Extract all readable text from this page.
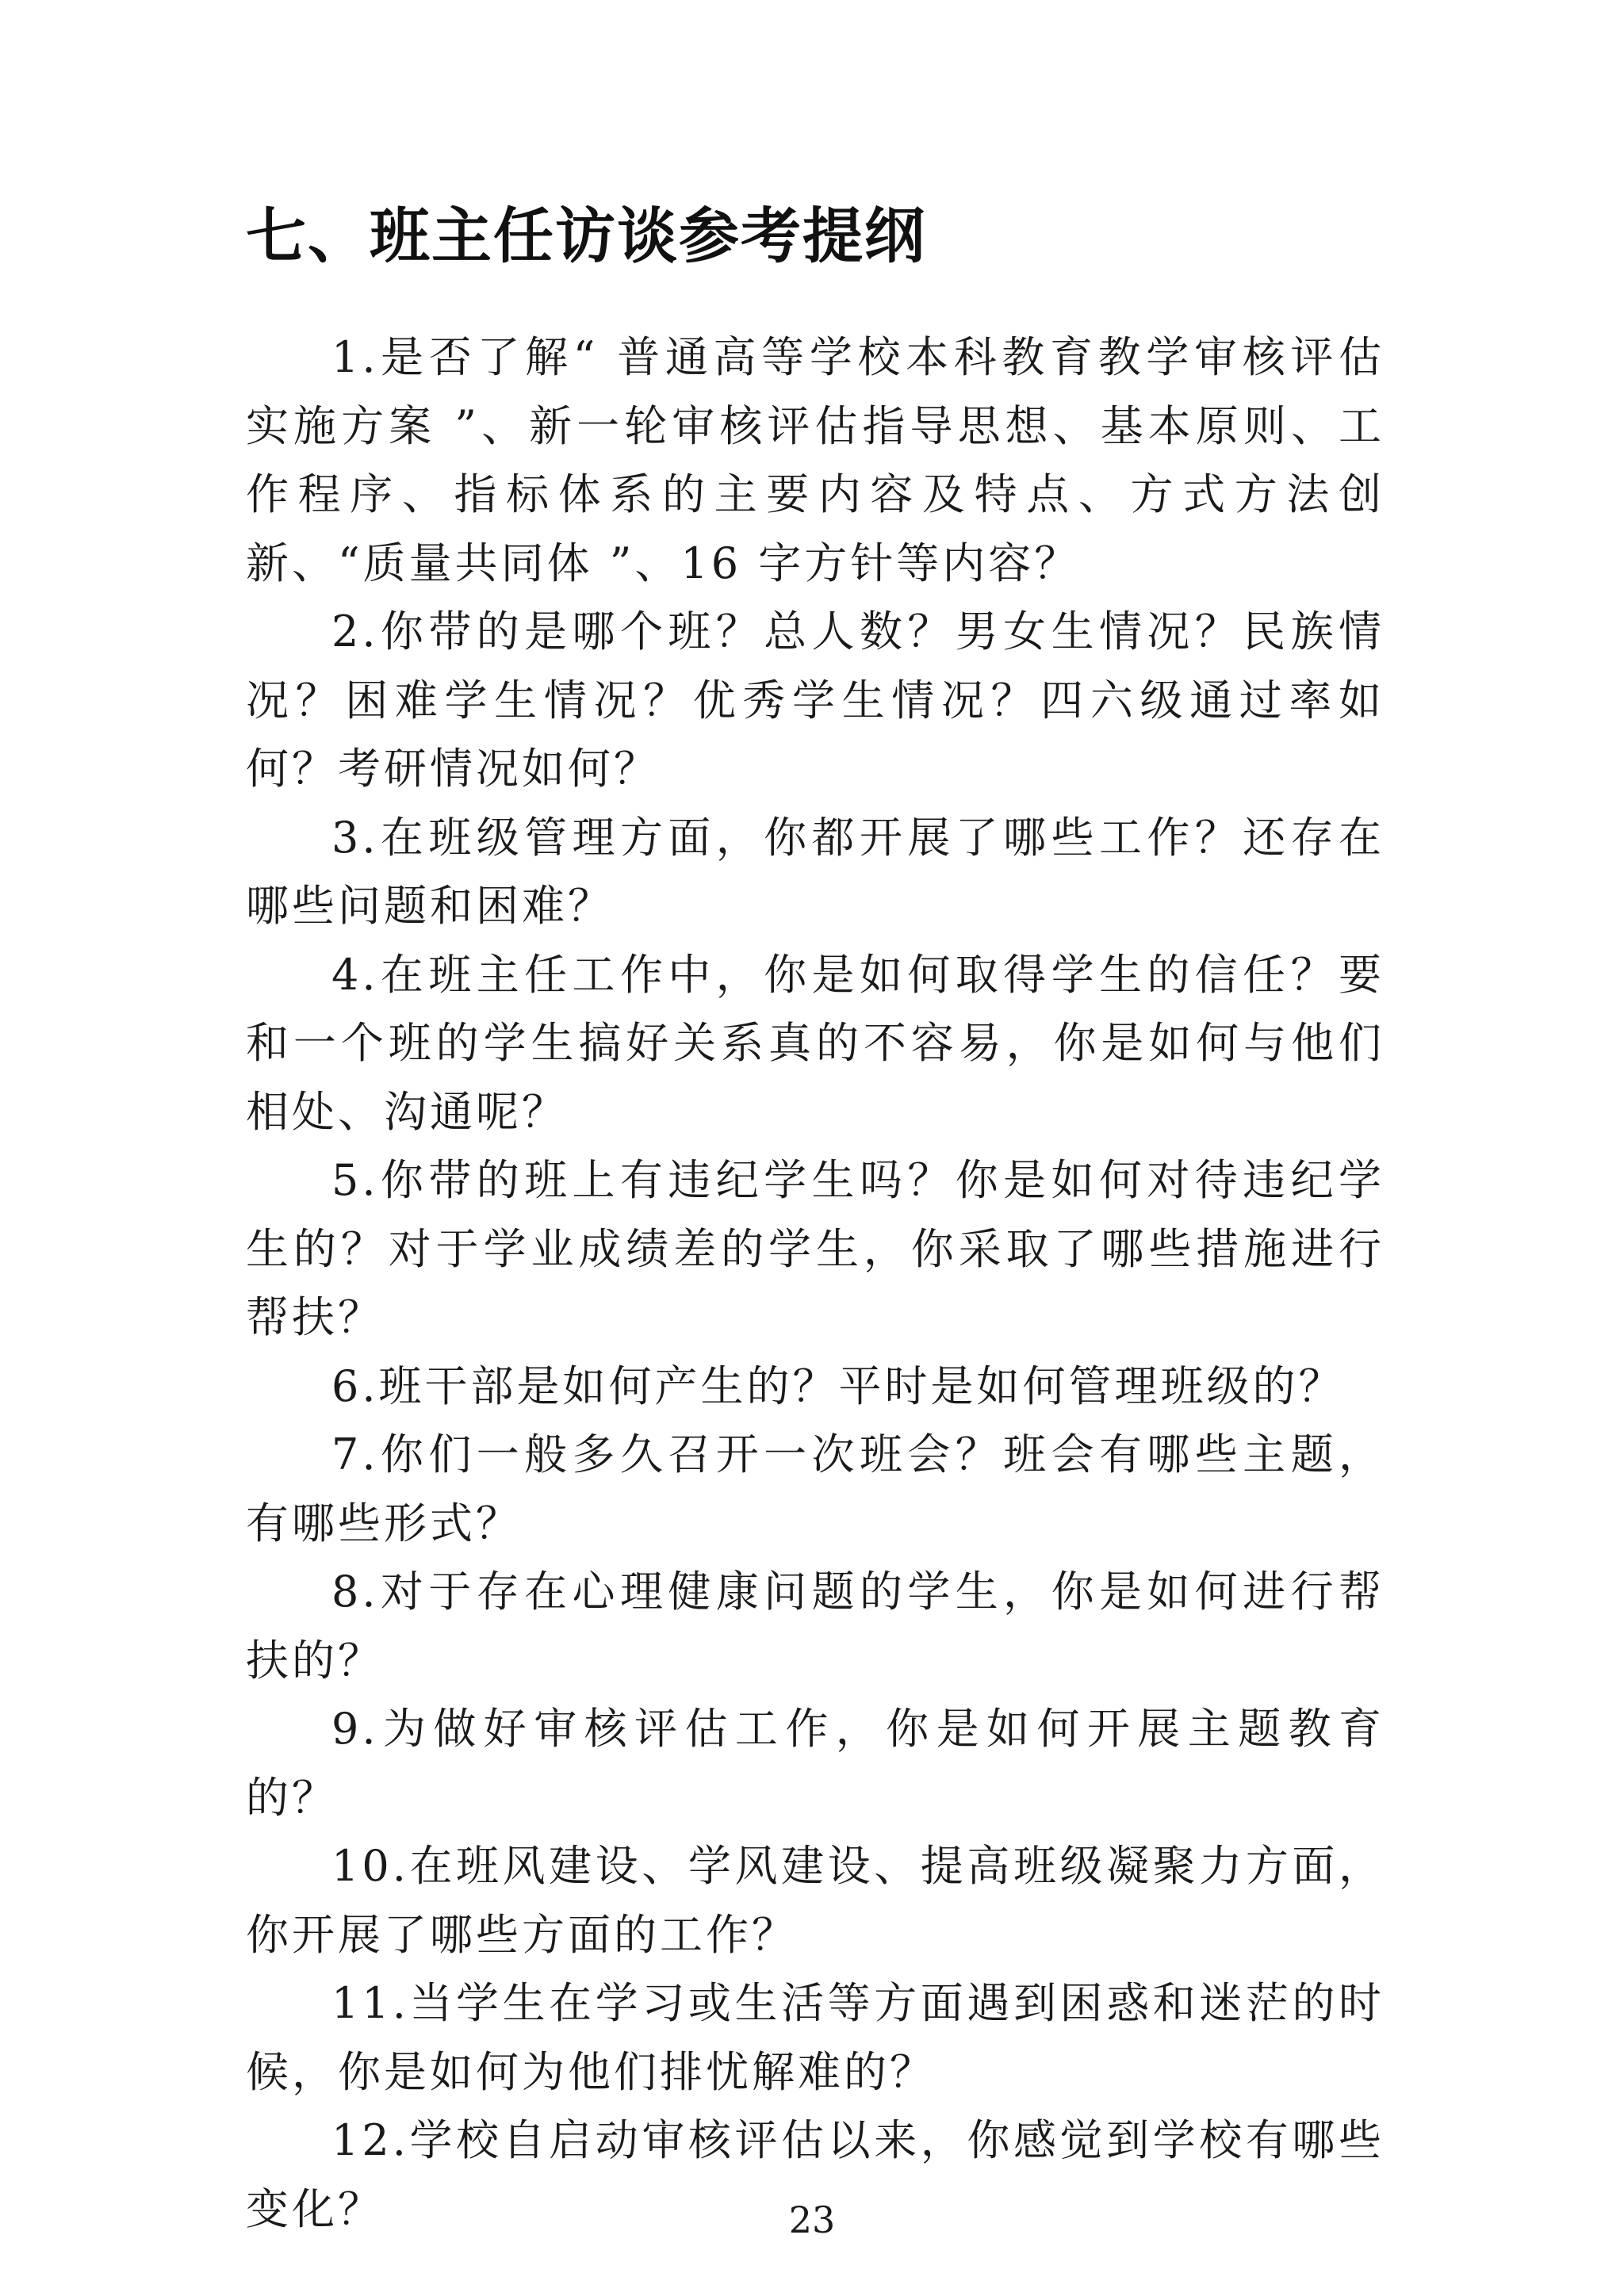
七、班主任访谈参考提纲

1.是否了解“ 普通高等学校本科教育教学审核评估实施方案 ”、新一轮审核评估指导思想、基本原则、工作程序、指标体系的主要内容及特点、方式方法创新、“质量共同体 ”、16 字方针等内容？

2.你带的是哪个班？总人数？男女生情况？民族情况？困难学生情况？优秀学生情况？四六级通过率如何？考研情况如何？

3.在班级管理方面，你都开展了哪些工作？还存在哪些问题和困难？

4.在班主任工作中，你是如何取得学生的信任？要和一个班的学生搞好关系真的不容易，你是如何与他们相处、沟通呢？

5.你带的班上有违纪学生吗？你是如何对待违纪学生的？对于学业成绩差的学生，你采取了哪些措施进行帮扶？

6.班干部是如何产生的？平时是如何管理班级的？

7.你们一般多久召开一次班会？班会有哪些主题，有哪些形式？

8.对于存在心理健康问题的学生，你是如何进行帮扶的？

9.为做好审核评估工作，你是如何开展主题教育的？

10.在班风建设、学风建设、提高班级凝聚力方面，你开展了哪些方面的工作？

11.当学生在学习或生活等方面遇到困惑和迷茫的时候，你是如何为他们排忧解难的？

12.学校自启动审核评估以来，你感觉到学校有哪些变化？	23
